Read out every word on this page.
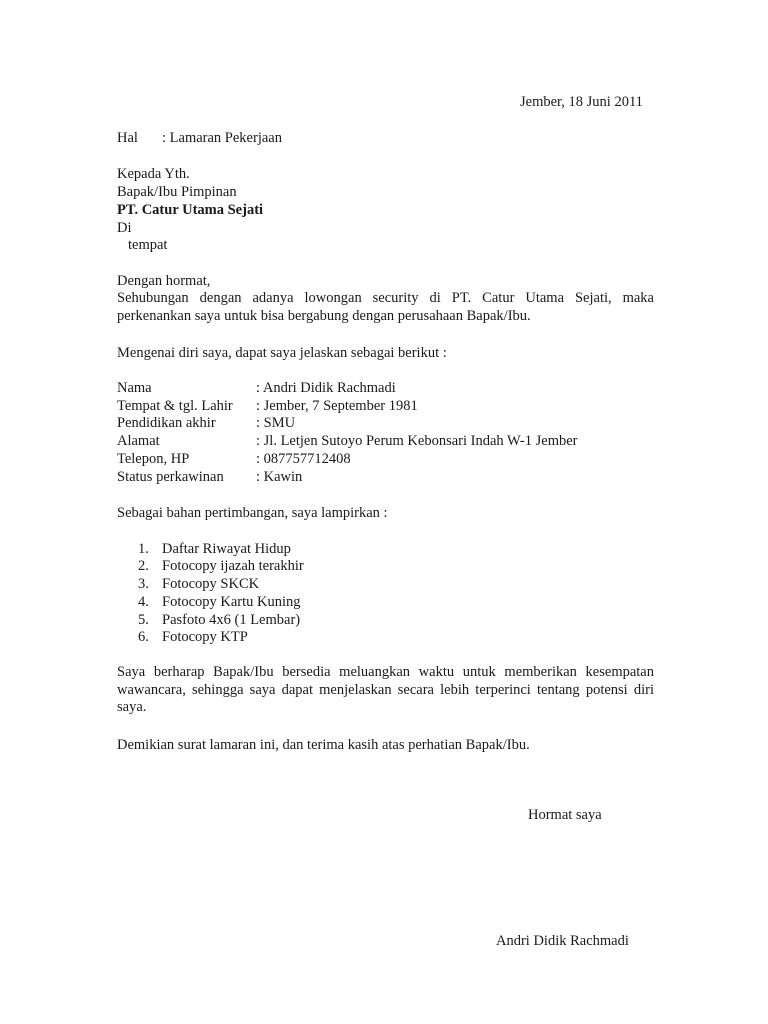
Jember, 18 Juni 2011
Hal : Lamaran Pekerjaan
Kepada Yth.
Bapak/Ibu Pimpinan
PT. Catur Utama Sejati
Di
tempat
Dengan hormat,
Sehubungan dengan adanya lowongan security di PT. Catur Utama Sejati, maka perkenankan saya untuk bisa bergabung dengan perusahaan Bapak/Ibu.
Mengenai diri saya, dapat saya jelaskan sebagai berikut :
Nama	: Andri Didik Rachmadi
Tempat & tgl. Lahir : Jember, 7 September 1981
Pendidikan akhir	: SMU
Alamat	: Jl. Letjen Sutoyo Perum Kebonsari Indah W-1 Jember
Telepon, HP	: 087757712408
Status perkawinan : Kawin
Sebagai bahan pertimbangan, saya lampirkan :
1. Daftar Riwayat Hidup
2. Fotocopy ijazah terakhir
3. Fotocopy SKCK
4. Fotocopy Kartu Kuning
5. Pasfoto 4x6 (1 Lembar)
6. Fotocopy KTP
Saya berharap Bapak/Ibu bersedia meluangkan waktu untuk memberikan kesempatan wawancara, sehingga saya dapat menjelaskan secara lebih terperinci tentang potensi diri saya.
Demikian surat lamaran ini, dan terima kasih atas perhatian Bapak/Ibu.
Hormat saya
Andri Didik Rachmadi
